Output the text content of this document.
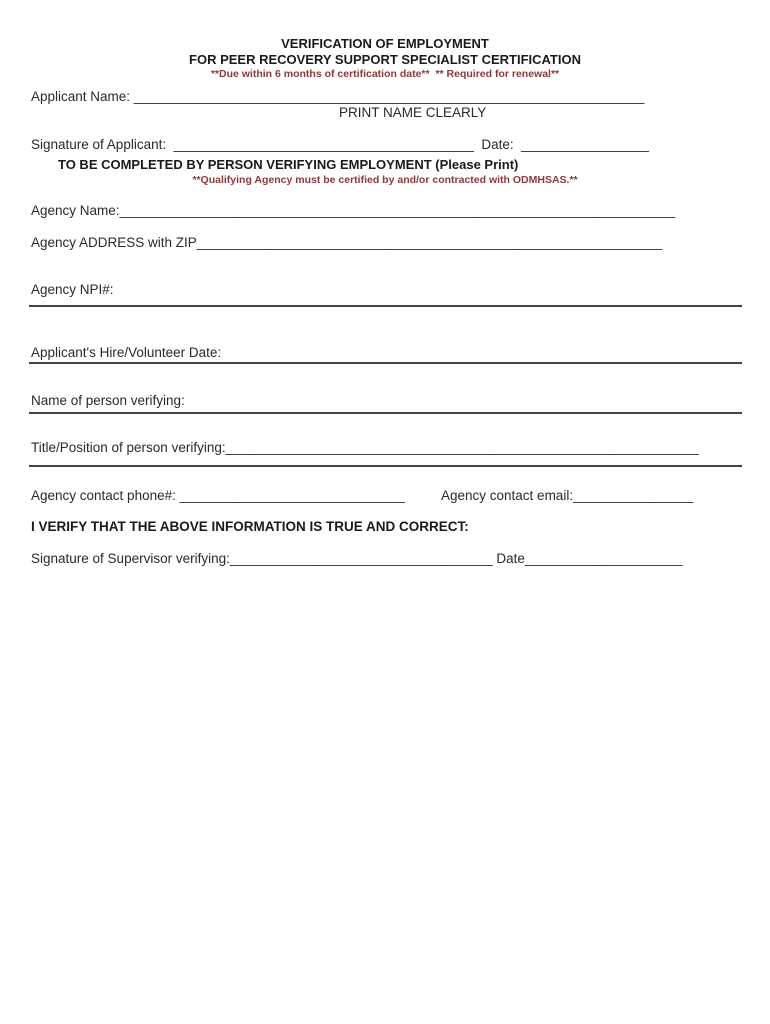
VERIFICATION OF EMPLOYMENT
FOR PEER RECOVERY SUPPORT SPECIALIST CERTIFICATION
**Due within 6 months of certification date**  ** Required for renewal**
Applicant Name: ____________________________________________________________________
PRINT NAME CLEARLY
Signature of Applicant:  ________________________________________  Date:  _________________
TO BE COMPLETED BY PERSON VERIFYING EMPLOYMENT (Please Print)
**Qualifying Agency must be certified by and/or contracted with ODMHSAS.**
Agency Name:__________________________________________________________________________
Agency ADDRESS with ZIP______________________________________________________________
Agency NPI#:
Applicant's Hire/Volunteer Date:
Name of person verifying:
Title/Position of person verifying:_______________________________________________________________
Agency contact phone#: ______________________________	Agency contact email:________________
I VERIFY THAT THE ABOVE INFORMATION IS TRUE AND CORRECT:
Signature of Supervisor verifying:___________________________________ Date_____________________
